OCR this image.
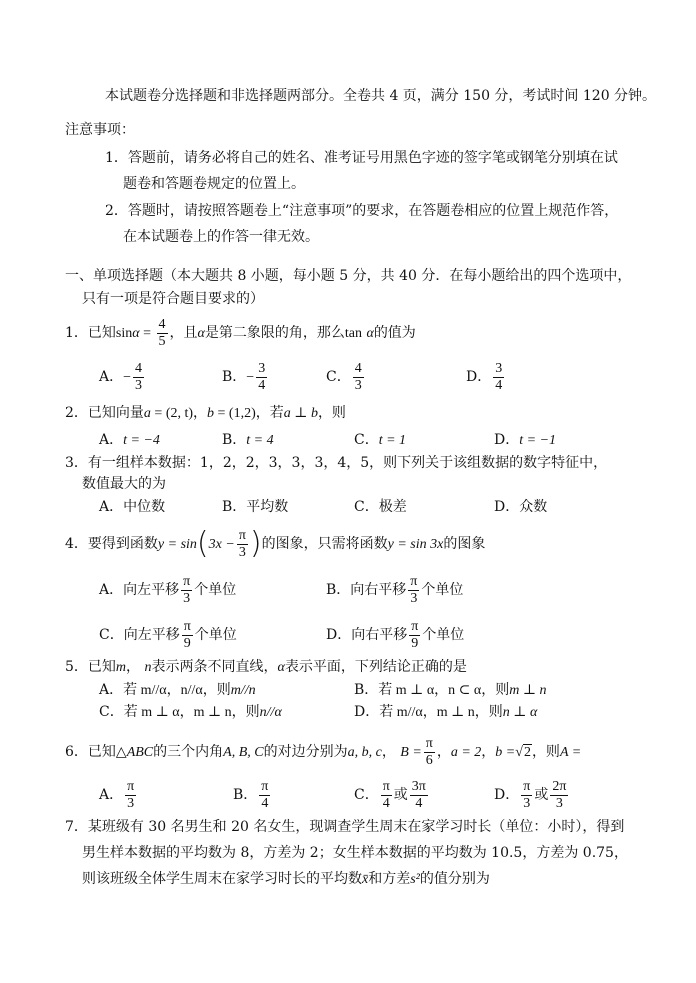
本试题卷分选择题和非选择题两部分。全卷共 4 页，满分 150 分，考试时间 120 分钟。
注意事项：
1．答题前，请务必将自己的姓名、准考证号用黑色字迹的签字笔或钢笔分别填在试
题卷和答题卷规定的位置上。
2．答题时，请按照答题卷上“注意事项”的要求，在答题卷相应的位置上规范作答，
在本试题卷上的作答一律无效。
一、单项选择题（本大题共 8 小题，每小题 5 分，共 40 分．在每小题给出的四个选项中，
只有一项是符合题目要求的）
1．已知$\sin\alpha = \frac{4}{5}$ ，且α是第二象限的角，那么tan α的值为
A．− $\frac{4}{3}$	B．− $\frac{3}{4}$	C． $\frac{4}{3}$	D． $\frac{3}{4}$
2．已知向量a = (2, t)，b = (1,2)，若a ⊥ b，则
A．t = −4	B．t = 4	C．t = 1	D．t = −1
3．有一组样本数据：1，2，2，3，3，3，4，5，则下列关于该组数据的数字特征中，
数值最大的为
A．中位数	B．平均数	C．极差	D．众数
4．要得到函数$y = \sin(3x - \frac{\pi}{3}$ )的图象，只需将函数y = sin 3x的图象
A．向左平移 $\frac{\pi}{3}$ 个单位	B．向右平移 $\frac{\pi}{3}$ 个单位
C．向左平移 $\frac{\pi}{9}$ 个单位	D．向右平移 $\frac{\pi}{9}$ 个单位
5．已知m， n表示两条不同直线，α表示平面，下列结论正确的是
A．若 m//α，n//α，则m//n	B．若 m ⊥ α，n ⊂ α，则m ⊥ n
C．若 m ⊥ α，m ⊥ n，则n//α	D．若 m//α，m ⊥ n，则n ⊥ α
6．已知△ABC的三个内角A, B, C的对边分别为a, b, c， $B = \frac{\pi}{6}$ ，a = 2，b =√2，则A =
A． $\frac{\pi}{3}$	B． $\frac{\pi}{4}$	C． $\frac{\pi}{4}$ 或 $\frac{3\pi}{4}$	D． $\frac{\pi}{3}$ 或 $\frac{2\pi}{3}$
7．某班级有 30 名男生和 20 名女生，现调查学生周末在家学习时长（单位：小时），得到
男生样本数据的平均数为 8，方差为 2；女生样本数据的平均数为 10.5，方差为 0.75，
则该班级全体学生周末在家学习时长的平均数x̄和方差s²的值分别为
